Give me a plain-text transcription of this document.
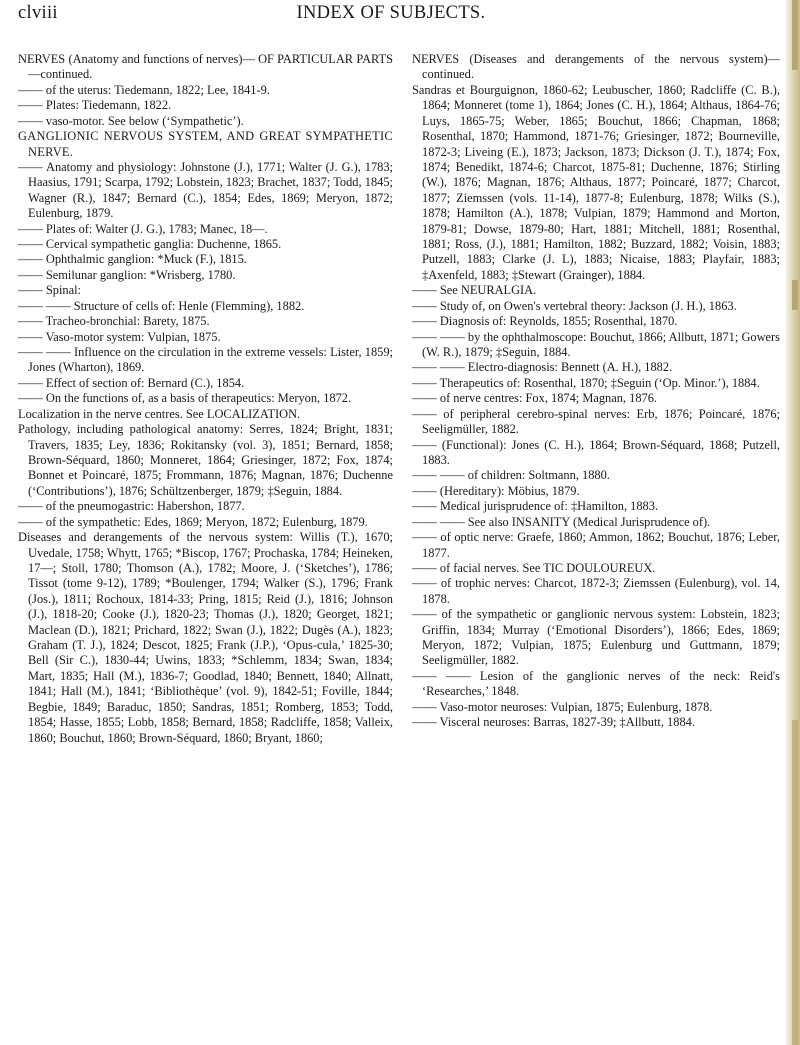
clviii	INDEX OF SUBJECTS.

NERVES (Anatomy and functions of nerves)— OF PARTICULAR PARTS—continued.

—— of the uterus: Tiedemann, 1822; Lee, 1841-9.

—— Plates: Tiedemann, 1822.

—— vaso-motor. See below (‘Sympathetic’).

GANGLIONIC NERVOUS SYSTEM, AND GREAT SYMPATHETIC NERVE.

—— Anatomy and physiology: Johnstone (J.), 1771; Walter (J. G.), 1783; Haasius, 1791; Scarpa, 1792; Lobstein, 1823; Brachet, 1837; Todd, 1845; Wagner (R.), 1847; Bernard (C.), 1854; Edes, 1869; Meryon, 1872; Eulenburg, 1879.

—— Plates of: Walter (J. G.), 1783; Manec, 18—.

—— Cervical sympathetic ganglia: Duchenne, 1865.

—— Ophthalmic ganglion: *Muck (F.), 1815.

—— Semilunar ganglion: *Wrisberg, 1780.

—— Spinal:

—— —— Structure of cells of: Henle (Flemming), 1882.

—— Tracheo-bronchial: Barety, 1875.

—— Vaso-motor system: Vulpian, 1875.

—— —— Influence on the circulation in the extreme vessels: Lister, 1859; Jones (Wharton), 1869.

—— Effect of section of: Bernard (C.), 1854.

—— On the functions of, as a basis of therapeutics: Meryon, 1872.

Localization in the nerve centres. See LOCALIZATION.

Pathology, including pathological anatomy: Serres, 1824; Bright, 1831; Travers, 1835; Ley, 1836; Rokitansky (vol. 3), 1851; Bernard, 1858; Brown-Séquard, 1860; Monneret, 1864; Griesinger, 1872; Fox, 1874; Bonnet et Poincaré, 1875; Frommann, 1876; Magnan, 1876; Duchenne (‘Contributions’), 1876; Schültzenberger, 1879; ‡Seguin, 1884.

—— of the pneumogastric: Habershon, 1877.

—— of the sympathetic: Edes, 1869; Meryon, 1872; Eulenburg, 1879.

Diseases and derangements of the nervous system: Willis (T.), 1670; Uvedale, 1758; Whytt, 1765; *Biscop, 1767; Prochaska, 1784; Heineken, 17—; Stoll, 1780; Thomson (A.), 1782; Moore, J. (‘Sketches’), 1786; Tissot (tome 9-12), 1789; *Boulenger, 1794; Walker (S.), 1796; Frank (Jos.), 1811; Rochoux, 1814-33; Pring, 1815; Reid (J.), 1816; Johnson (J.), 1818-20; Cooke (J.), 1820-23; Thomas (J.), 1820; Georget, 1821; Maclean (D.), 1821; Prichard, 1822; Swan (J.), 1822; Dugès (A.), 1823; Graham (T. J.), 1824; Descot, 1825; Frank (J.P.), ‘Opus-cula,’ 1825-30; Bell (Sir C.), 1830-44; Uwins, 1833; *Schlemm, 1834; Swan, 1834; Mart, 1835; Hall (M.), 1836-7; Goodlad, 1840; Bennett, 1840; Allnatt, 1841; Hall (M.), 1841; ‘Bibliothèque’ (vol. 9), 1842-51; Foville, 1844; Begbie, 1849; Baraduc, 1850; Sandras, 1851; Romberg, 1853; Todd, 1854; Hasse, 1855; Lobb, 1858; Bernard, 1858; Radcliffe, 1858; Valleix, 1860; Bouchut, 1860; Brown-Séquard, 1860; Bryant, 1860;

NERVES (Diseases and derangements of the nervous system)—continued.

Sandras et Bourguignon, 1860-62; Leubuscher, 1860; Radcliffe (C. B.), 1864; Monneret (tome 1), 1864; Jones (C. H.), 1864; Althaus, 1864-76; Luys, 1865-75; Weber, 1865; Bouchut, 1866; Chapman, 1868; Rosenthal, 1870; Hammond, 1871-76; Griesinger, 1872; Bourneville, 1872-3; Liveing (E.), 1873; Jackson, 1873; Dickson (J. T.), 1874; Fox, 1874; Benedikt, 1874-6; Charcot, 1875-81; Duchenne, 1876; Stirling (W.), 1876; Magnan, 1876; Althaus, 1877; Poincaré, 1877; Charcot, 1877; Ziemssen (vols. 11-14), 1877-8; Eulenburg, 1878; Wilks (S.), 1878; Hamilton (A.), 1878; Vulpian, 1879; Hammond and Morton, 1879-81; Dowse, 1879-80; Hart, 1881; Mitchell, 1881; Rosenthal, 1881; Ross, (J.), 1881; Hamilton, 1882; Buzzard, 1882; Voisin, 1883; Putzell, 1883; Clarke (J. L), 1883; Nicaise, 1883; Playfair, 1883; ‡Axenfeld, 1883; ‡Stewart (Grainger), 1884.

—— See NEURALGIA.

—— Study of, on Owen's vertebral theory: Jackson (J. H.), 1863.

—— Diagnosis of: Reynolds, 1855; Rosenthal, 1870.

—— —— by the ophthalmoscope: Bouchut, 1866; Allbutt, 1871; Gowers (W. R.), 1879; ‡Seguin, 1884.

—— —— Electro-diagnosis: Bennett (A. H.), 1882.

—— Therapeutics of: Rosenthal, 1870; ‡Seguin (‘Op. Minor.’), 1884.

—— of nerve centres: Fox, 1874; Magnan, 1876.

—— of peripheral cerebro-spinal nerves: Erb, 1876; Poincaré, 1876; Seeligmüller, 1882.

—— (Functional): Jones (C. H.), 1864; Brown-Séquard, 1868; Putzell, 1883.

—— —— of children: Soltmann, 1880.

—— (Hereditary): Möbius, 1879.

—— Medical jurisprudence of: ‡Hamilton, 1883.

—— —— See also INSANITY (Medical Jurisprudence of).

—— of optic nerve: Graefe, 1860; Ammon, 1862; Bouchut, 1876; Leber, 1877.

—— of facial nerves. See TIC DOULOUREUX.

—— of trophic nerves: Charcot, 1872-3; Ziemssen (Eulenburg), vol. 14, 1878.

—— of the sympathetic or ganglionic nervous system: Lobstein, 1823; Griffin, 1834; Murray (‘Emotional Disorders’), 1866; Edes, 1869; Meryon, 1872; Vulpian, 1875; Eulenburg und Guttmann, 1879; Seeligmüller, 1882.

—— —— Lesion of the ganglionic nerves of the neck: Reid's ‘Researches,’ 1848.

—— Vaso-motor neuroses: Vulpian, 1875; Eulenburg, 1878.

—— Visceral neuroses: Barras, 1827-39; ‡Allbutt, 1884.
